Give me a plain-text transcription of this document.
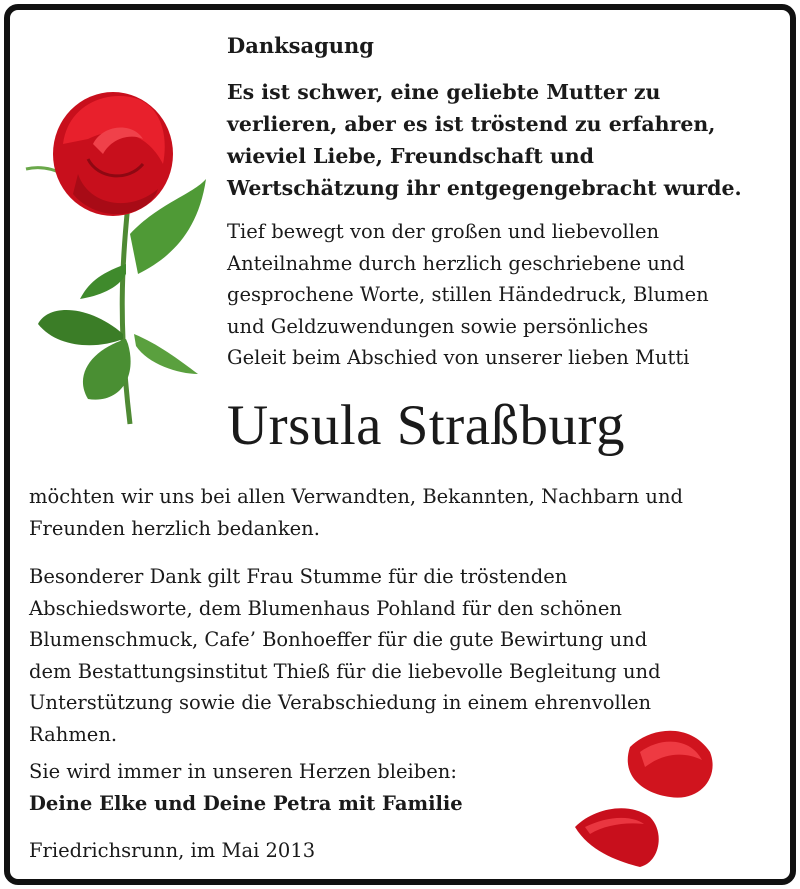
Danksagung
Es ist schwer, eine geliebte Mutter zu
verlieren, aber es ist tröstend zu erfahren,
wieviel Liebe, Freundschaft und
Wertschätzung ihr entgegengebracht wurde.
Tief bewegt von der großen und liebevollen
Anteilnahme durch herzlich geschriebene und
gesprochene Worte, stillen Händedruck, Blumen
und Geldzuwendungen sowie persönliches
Geleit beim Abschied von unserer lieben Mutti
Ursula Straßburg
möchten wir uns bei allen Verwandten, Bekannten, Nachbarn und
Freunden herzlich bedanken.
Besonderer Dank gilt Frau Stumme für die tröstenden
Abschiedsworte, dem Blumenhaus Pohland für den schönen
Blumenschmuck, Cafe’ Bonhoeffer für die gute Bewirtung und
dem Bestattungsinstitut Thieß für die liebevolle Begleitung und
Unterstützung sowie die Verabschiedung in einem ehrenvollen
Rahmen.
Sie wird immer in unseren Herzen bleiben:
Deine Elke und Deine Petra mit Familie
Friedrichsrunn, im Mai 2013
